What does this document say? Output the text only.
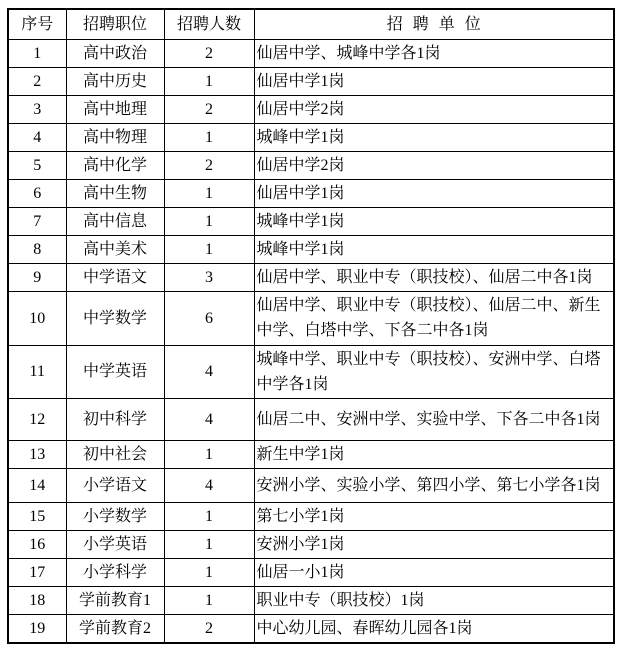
序号	招聘职位	招聘人数	招 聘 单 位
1	高中政治	2	仙居中学、城峰中学各1岗
2	高中历史	1	仙居中学1岗
3	高中地理	2	仙居中学2岗
4	高中物理	1	城峰中学1岗
5	高中化学	2	仙居中学2岗
6	高中生物	1	仙居中学1岗
7	高中信息	1	城峰中学1岗
8	高中美术	1	城峰中学1岗
9	中学语文	3	仙居中学、职业中专（职技校）、仙居二中各1岗
10	中学数学	6	仙居中学、职业中专（职技校）、仙居二中、新生中学、白塔中学、下各二中各1岗
11	中学英语	4	城峰中学、职业中专（职技校）、安洲中学、白塔中学各1岗
12	初中科学	4	仙居二中、安洲中学、实验中学、下各二中各1岗
13	初中社会	1	新生中学1岗
14	小学语文	4	安洲小学、实验小学、第四小学、第七小学各1岗
15	小学数学	1	第七小学1岗
16	小学英语	1	安洲小学1岗
17	小学科学	1	仙居一小1岗
18	学前教育1	1	职业中专（职技校）1岗
19	学前教育2	2	中心幼儿园、春晖幼儿园各1岗
